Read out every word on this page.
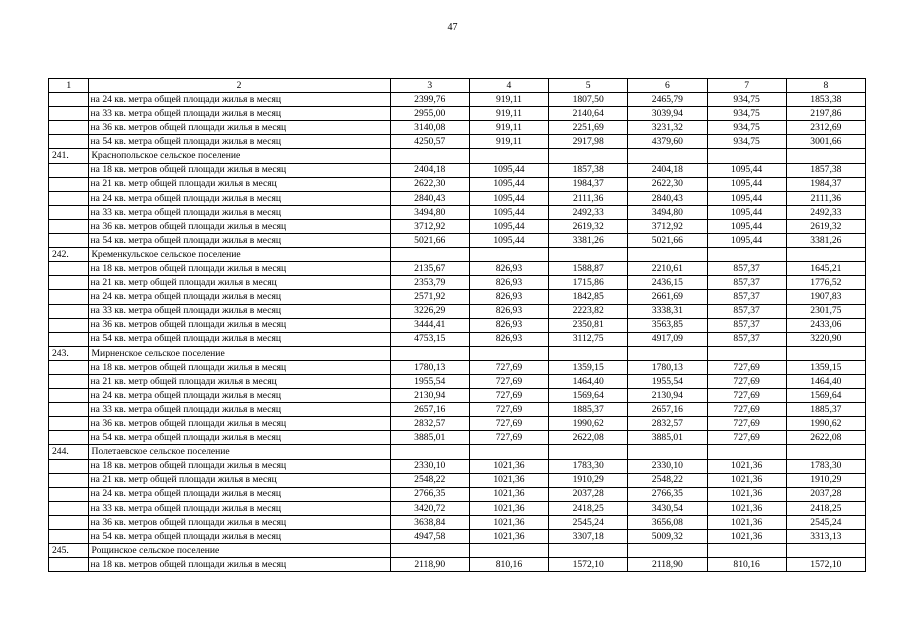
47
1	2	3	4	5	6	7	8
	на 24 кв. метра общей площади жилья в месяц	2399,76	919,11	1807,50	2465,79	934,75	1853,38
	на 33 кв. метра общей площади жилья в месяц	2955,00	919,11	2140,64	3039,94	934,75	2197,86
	на 36 кв. метров общей площади жилья в месяц	3140,08	919,11	2251,69	3231,32	934,75	2312,69
	на 54 кв. метра общей площади жилья в месяц	4250,57	919,11	2917,98	4379,60	934,75	3001,66
241.	Краснопольское сельское поселение						
	на 18 кв. метров общей площади жилья в месяц	2404,18	1095,44	1857,38	2404,18	1095,44	1857,38
	на 21 кв. метр общей площади жилья в месяц	2622,30	1095,44	1984,37	2622,30	1095,44	1984,37
	на 24 кв. метра общей площади жилья в месяц	2840,43	1095,44	2111,36	2840,43	1095,44	2111,36
	на 33 кв. метра общей площади жилья в месяц	3494,80	1095,44	2492,33	3494,80	1095,44	2492,33
	на 36 кв. метров общей площади жилья в месяц	3712,92	1095,44	2619,32	3712,92	1095,44	2619,32
	на 54 кв. метра общей площади жилья в месяц	5021,66	1095,44	3381,26	5021,66	1095,44	3381,26
242.	Кременкульское сельское поселение						
	на 18 кв. метров общей площади жилья в месяц	2135,67	826,93	1588,87	2210,61	857,37	1645,21
	на 21 кв. метр общей площади жилья в месяц	2353,79	826,93	1715,86	2436,15	857,37	1776,52
	на 24 кв. метра общей площади жилья в месяц	2571,92	826,93	1842,85	2661,69	857,37	1907,83
	на 33 кв. метра общей площади жилья в месяц	3226,29	826,93	2223,82	3338,31	857,37	2301,75
	на 36 кв. метров общей площади жилья в месяц	3444,41	826,93	2350,81	3563,85	857,37	2433,06
	на 54 кв. метра общей площади жилья в месяц	4753,15	826,93	3112,75	4917,09	857,37	3220,90
243.	Мирненское сельское поселение						
	на 18 кв. метров общей площади жилья в месяц	1780,13	727,69	1359,15	1780,13	727,69	1359,15
	на 21 кв. метр общей площади жилья в месяц	1955,54	727,69	1464,40	1955,54	727,69	1464,40
	на 24 кв. метра общей площади жилья в месяц	2130,94	727,69	1569,64	2130,94	727,69	1569,64
	на 33 кв. метра общей площади жилья в месяц	2657,16	727,69	1885,37	2657,16	727,69	1885,37
	на 36 кв. метров общей площади жилья в месяц	2832,57	727,69	1990,62	2832,57	727,69	1990,62
	на 54 кв. метра общей площади жилья в месяц	3885,01	727,69	2622,08	3885,01	727,69	2622,08
244.	Полетаевское сельское поселение						
	на 18 кв. метров общей площади жилья в месяц	2330,10	1021,36	1783,30	2330,10	1021,36	1783,30
	на 21 кв. метр общей площади жилья в месяц	2548,22	1021,36	1910,29	2548,22	1021,36	1910,29
	на 24 кв. метра общей площади жилья в месяц	2766,35	1021,36	2037,28	2766,35	1021,36	2037,28
	на 33 кв. метра общей площади жилья в месяц	3420,72	1021,36	2418,25	3430,54	1021,36	2418,25
	на 36 кв. метров общей площади жилья в месяц	3638,84	1021,36	2545,24	3656,08	1021,36	2545,24
	на 54 кв. метра общей площади жилья в месяц	4947,58	1021,36	3307,18	5009,32	1021,36	3313,13
245.	Рощинское сельское поселение						
	на 18 кв. метров общей площади жилья в месяц	2118,90	810,16	1572,10	2118,90	810,16	1572,10
